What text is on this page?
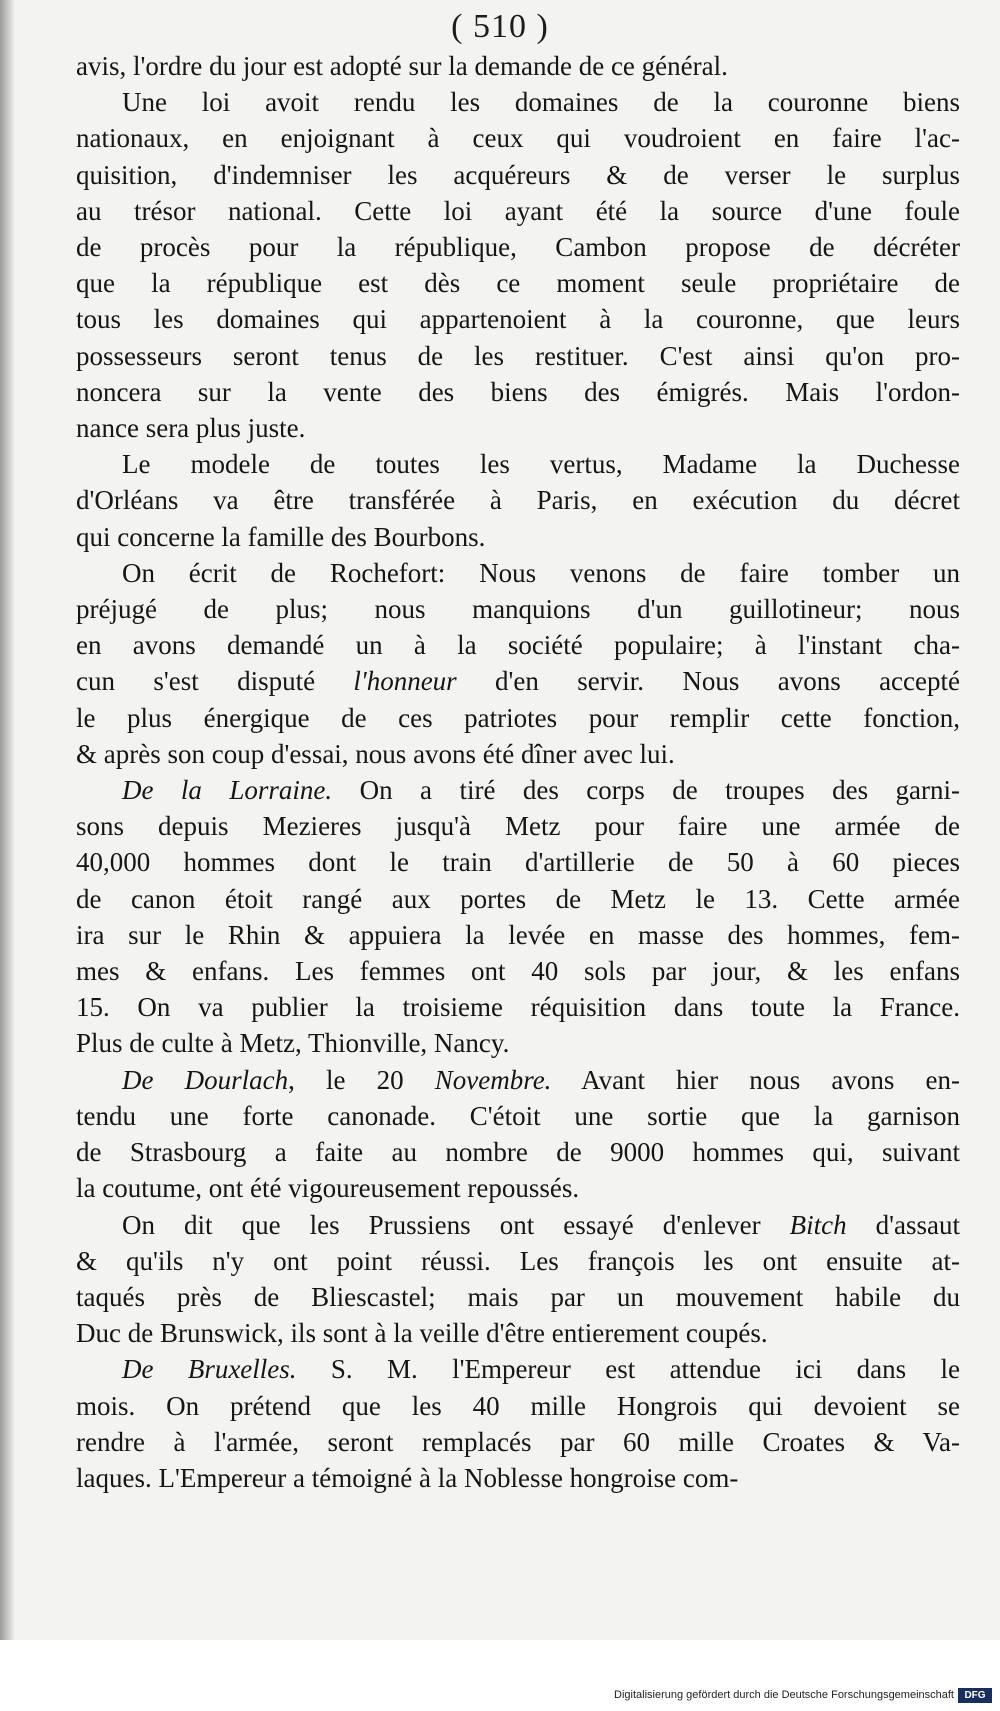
( 510 )
avis, l'ordre du jour est adopté sur la demande de ce général.
Une loi avoit rendu les domaines de la couronne biens
nationaux, en enjoignant à ceux qui voudroient en faire l'ac-
quisition, d'indemniser les acquéreurs & de verser le surplus
au trésor national. Cette loi ayant été la source d'une foule
de procès pour la république, Cambon propose de décréter
que la république est dès ce moment seule propriétaire de
tous les domaines qui appartenoient à la couronne, que leurs
possesseurs seront tenus de les restituer. C'est ainsi qu'on pro-
noncera sur la vente des biens des émigrés. Mais l'ordon-
nance sera plus juste.
Le modele de toutes les vertus, Madame la Duchesse
d'Orléans va être transférée à Paris, en exécution du décret
qui concerne la famille des Bourbons.
On écrit de Rochefort: Nous venons de faire tomber un
préjugé de plus; nous manquions d'un guillotineur; nous
en avons demandé un à la société populaire; à l'instant cha-
cun s'est disputé l'honneur d'en servir. Nous avons accepté
le plus énergique de ces patriotes pour remplir cette fonction,
& après son coup d'essai, nous avons été dîner avec lui.
De la Lorraine. On a tiré des corps de troupes des garni-
sons depuis Mezieres jusqu'à Metz pour faire une armée de
40,000 hommes dont le train d'artillerie de 50 à 60 pieces
de canon étoit rangé aux portes de Metz le 13. Cette armée
ira sur le Rhin & appuiera la levée en masse des hommes, fem-
mes & enfans. Les femmes ont 40 sols par jour, & les enfans
15. On va publier la troisieme réquisition dans toute la France.
Plus de culte à Metz, Thionville, Nancy.
De Dourlach, le 20 Novembre. Avant hier nous avons en-
tendu une forte canonade. C'étoit une sortie que la garnison
de Strasbourg a faite au nombre de 9000 hommes qui, suivant
la coutume, ont été vigoureusement repoussés.
On dit que les Prussiens ont essayé d'enlever Bitch d'assaut
& qu'ils n'y ont point réussi. Les françois les ont ensuite at-
taqués près de Bliescastel; mais par un mouvement habile du
Duc de Brunswick, ils sont à la veille d'être entierement coupés.
De Bruxelles. S. M. l'Empereur est attendue ici dans le
mois. On prétend que les 40 mille Hongrois qui devoient se
rendre à l'armée, seront remplacés par 60 mille Croates & Va-
laques. L'Empereur a témoigné à la Noblesse hongroise com-
Digitalisierung gefördert durch die Deutsche Forschungsgemeinschaft	DFG
